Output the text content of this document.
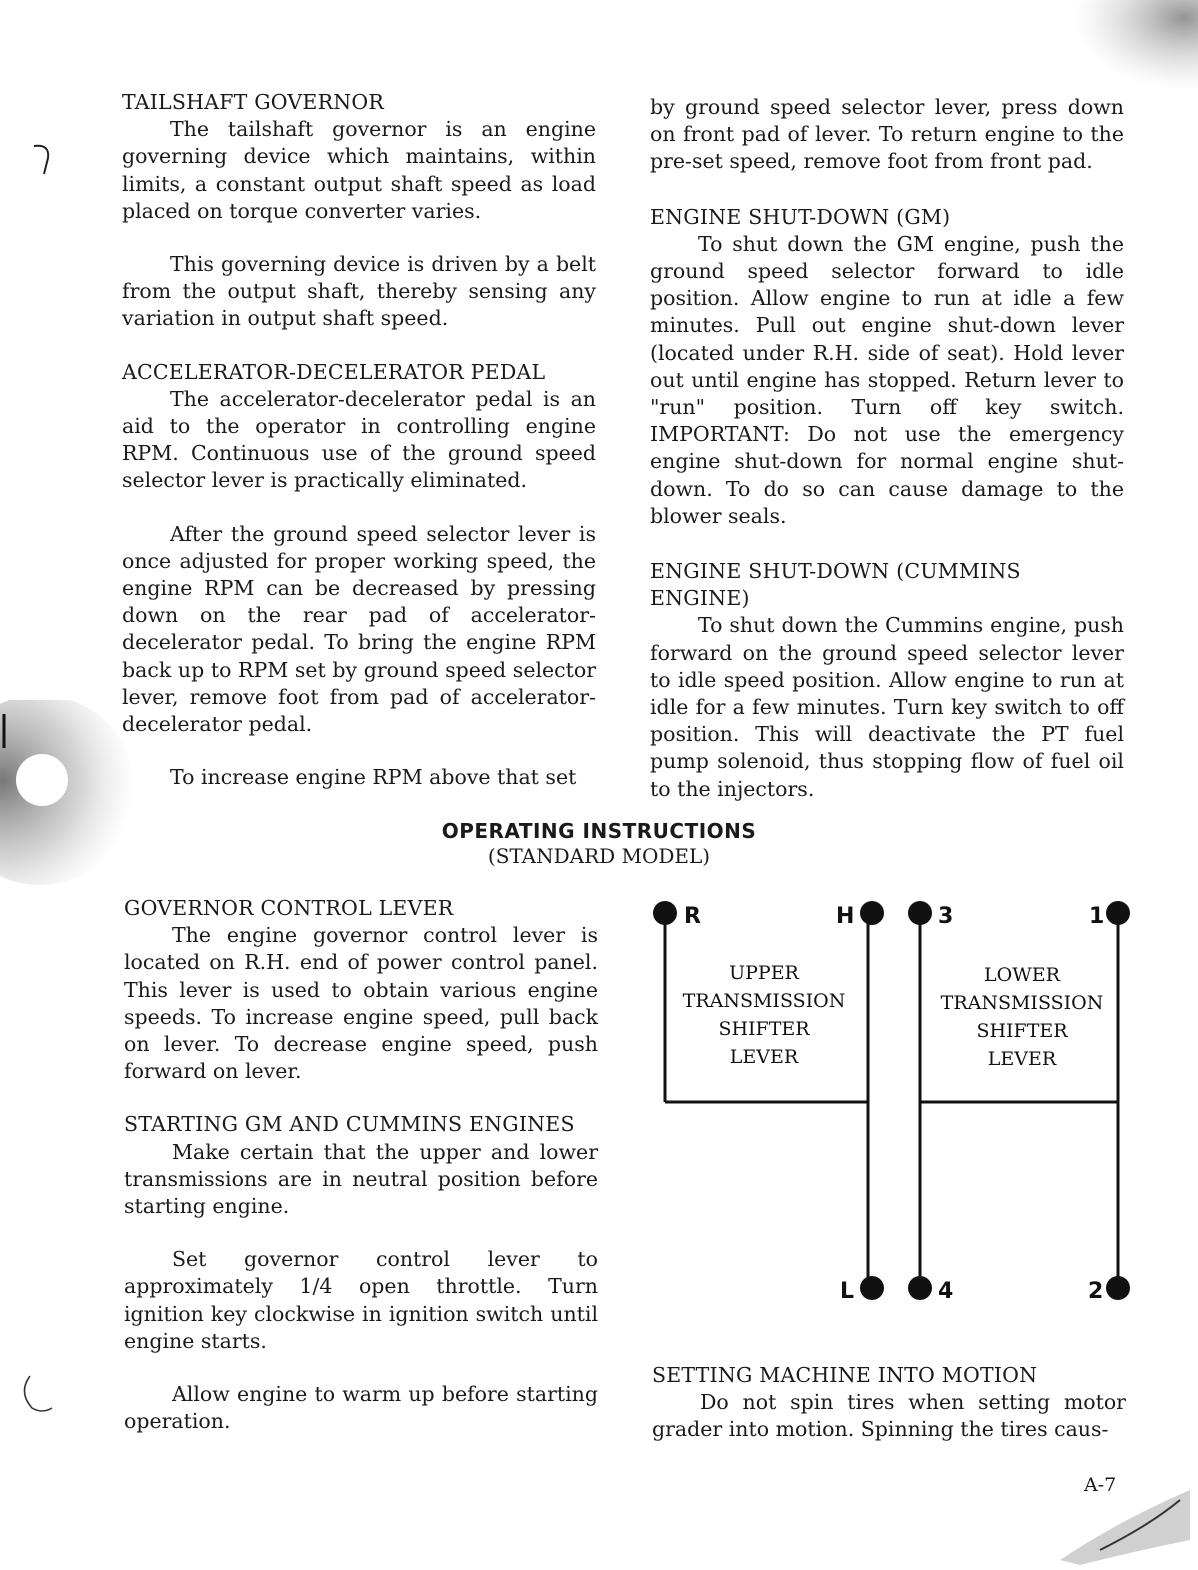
TAILSHAFT GOVERNOR

The tailshaft governor is an engine governing device which maintains, within limits, a constant output shaft speed as load placed on torque converter varies.

This governing device is driven by a belt from the output shaft, thereby sensing any variation in output shaft speed.

ACCELERATOR-DECELERATOR PEDAL

The accelerator-decelerator pedal is an aid to the operator in controlling engine RPM. Continuous use of the ground speed selector lever is practically eliminated.

After the ground speed selector lever is once adjusted for proper working speed, the engine RPM can be decreased by pressing down on the rear pad of accelerator-decelerator pedal. To bring the engine RPM back up to RPM set by ground speed selector lever, remove foot from pad of accelerator-decelerator pedal.

To increase engine RPM above that set

by ground speed selector lever, press down on front pad of lever. To return engine to the pre-set speed, remove foot from front pad.

ENGINE SHUT-DOWN (GM)

To shut down the GM engine, push the ground speed selector forward to idle position. Allow engine to run at idle a few minutes. Pull out engine shut-down lever (located under R.H. side of seat). Hold lever out until engine has stopped. Return lever to "run" position. Turn off key switch. IMPORTANT: Do not use the emergency engine shut-down for normal engine shut-down. To do so can cause damage to the blower seals.

ENGINE SHUT-DOWN (CUMMINS ENGINE)

To shut down the Cummins engine, push forward on the ground speed selector lever to idle speed position. Allow engine to run at idle for a few minutes. Turn key switch to off position. This will deactivate the PT fuel pump solenoid, thus stopping flow of fuel oil to the injectors.

OPERATING INSTRUCTIONS
(STANDARD MODEL)
GOVERNOR CONTROL LEVER

The engine governor control lever is located on R.H. end of power control panel. This lever is used to obtain various engine speeds. To increase engine speed, pull back on lever. To decrease engine speed, push forward on lever.

STARTING GM AND CUMMINS ENGINES

Make certain that the upper and lower transmissions are in neutral position before starting engine.

Set governor control lever to approximately 1/4 open throttle. Turn ignition key clockwise in ignition switch until engine starts.

Allow engine to warm up before starting operation.

SETTING MACHINE INTO MOTION

Do not spin tires when setting motor grader into motion. Spinning the tires caus-

R	H
L
UPPER
TRANSMISSION
SHIFTER
LEVER
3	1
4	2
LOWER
TRANSMISSION
SHIFTER
LEVER
A-7
